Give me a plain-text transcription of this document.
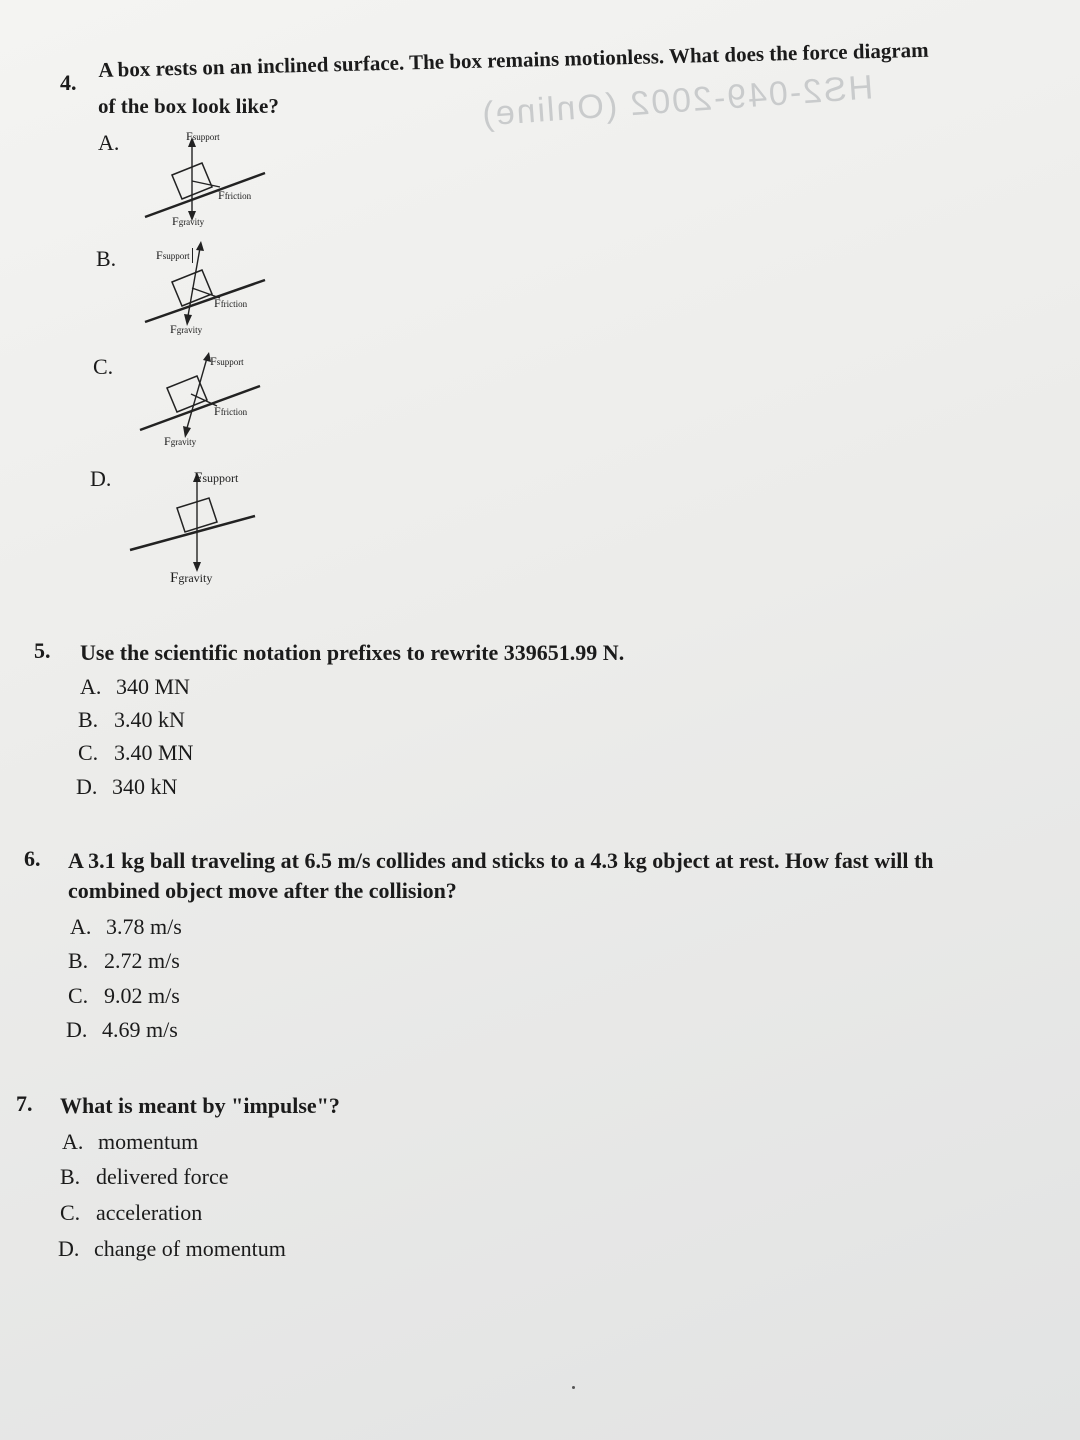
HS2-049-2002 (Online)
4.
A box rests on an inclined surface. The box remains motionless. What does the force diagram
of the box look like?
A.	Fsupport
Ffriction
Fgravity
B.	Fsupport
Ffriction
Fgravity
C.	Fsupport
Ffriction
Fgravity
D.	Fsupport
Fgravity
5. Use the scientific notation prefixes to rewrite 339651.99 N.
A. 340 MN
B. 3.40 kN
C. 3.40 MN
D. 340 kN
6. A 3.1 kg ball traveling at 6.5 m/s collides and sticks to a 4.3 kg object at rest. How fast will th
combined object move after the collision?
A. 3.78 m/s
B. 2.72 m/s
C. 9.02 m/s
D. 4.69 m/s
7. What is meant by "impulse"?
A. momentum
B. delivered force
C. acceleration
D. change of momentum
